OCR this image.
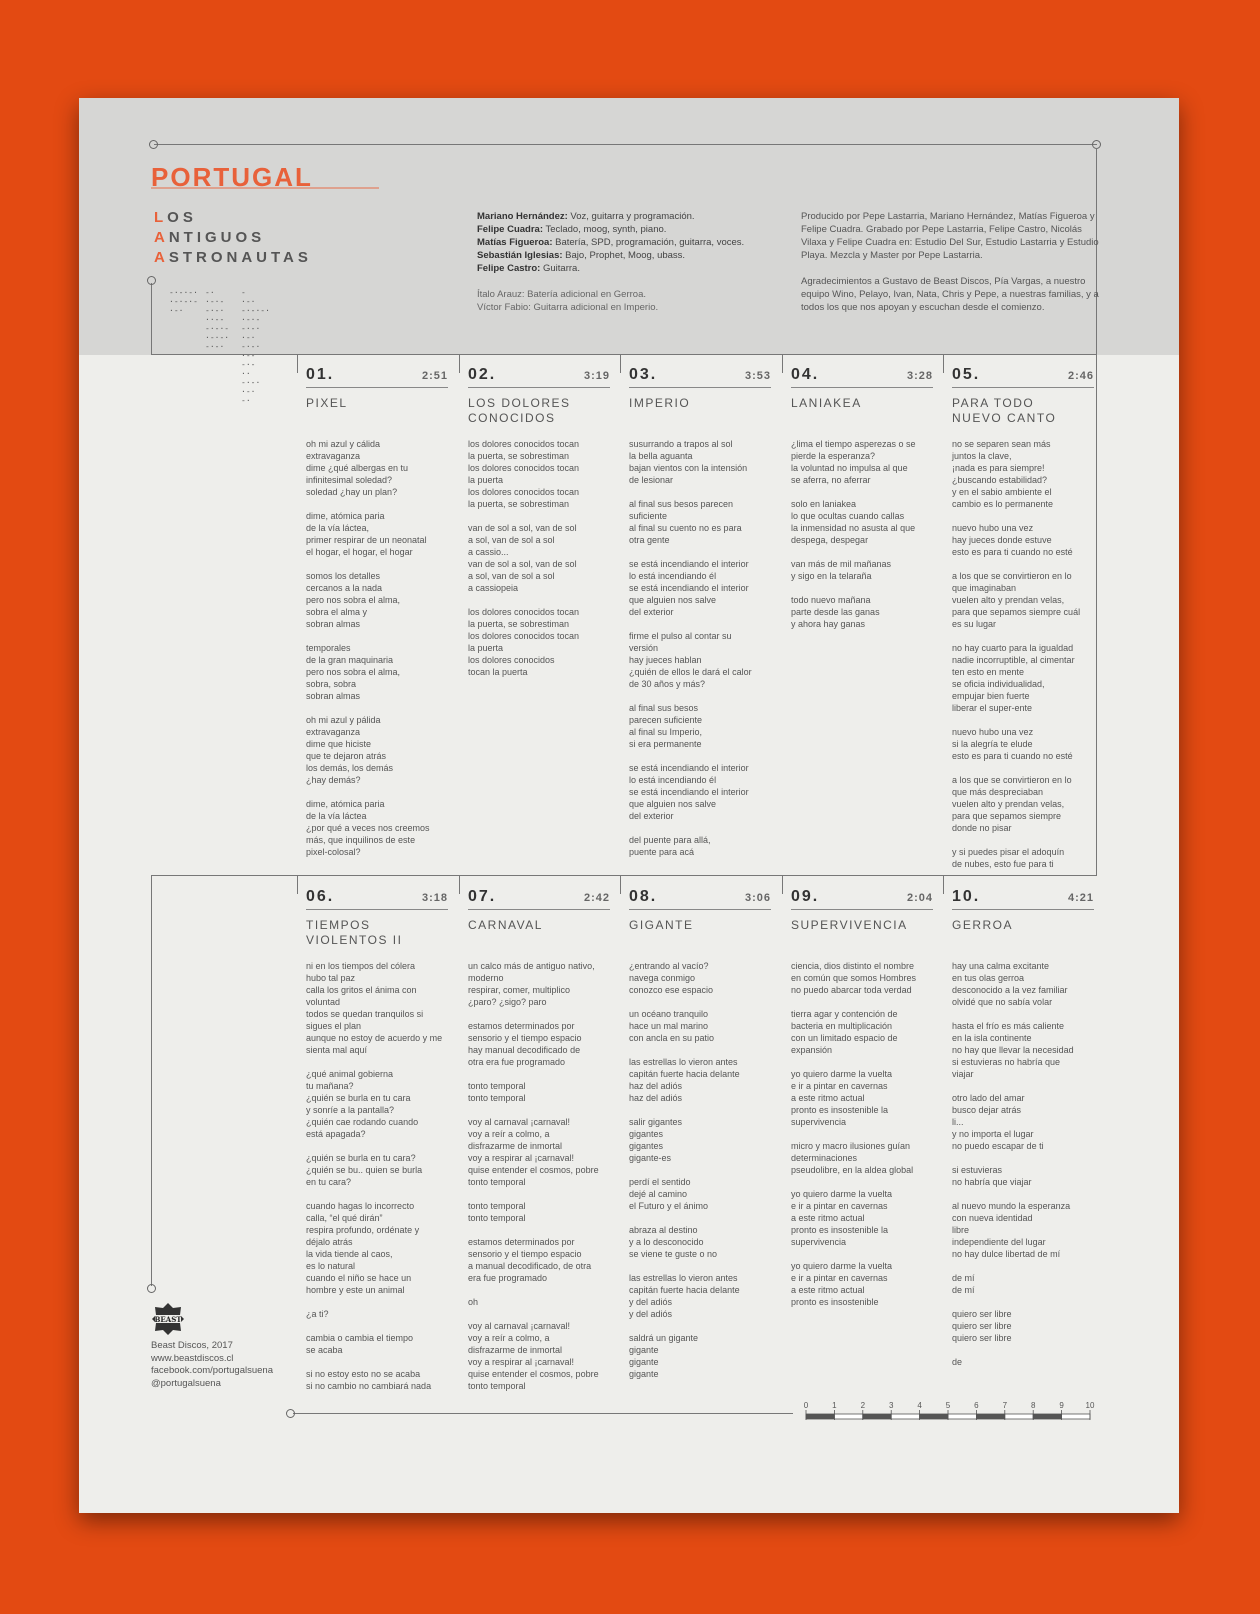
PORTUGAL
LOS
ANTIGUOS
ASTRONAUTAS
-·-·-·
·-·-·-
·-·
-·
·-·-
-·-·
··--
-·-·-
·-·-·
-·-·
-
·-·
-·-·-·
·-·-
-·-·
·-·
-·-·
·--
-·-
··
-·-·
·-·
-·

Mariano Hernández: Voz, guitarra y programación.

Felipe Cuadra: Teclado, moog, synth, piano.

Matías Figueroa: Batería, SPD, programación, guitarra, voces.

Sebastián Iglesias: Bajo, Prophet, Moog, ubass.

Felipe Castro: Guitarra.

Ítalo Arauz: Batería adicional en Gerroa.

Víctor Fabio: Guitarra adicional en Imperio.

Producido por Pepe Lastarria, Mariano Hernández, Matías Figueroa y Felipe Cuadra. Grabado por Pepe Lastarria, Felipe Castro, Nicolás Vilaxa y Felipe Cuadra en: Estudio Del Sur, Estudio Lastarria y Estudio Playa. Mezcla y Master por Pepe Lastarria.

Agradecimientos a Gustavo de Beast Discos, Pía Vargas, a nuestro equipo Wino, Pelayo, Ivan, Nata, Chris y Pepe, a nuestras familias, y a todos los que nos apoyan y escuchan desde el comienzo.

01.	2:51
PIXEL
oh mi azul y cálida
extravaganza
dime ¿qué albergas en tu
infinitesimal soledad?
soledad ¿hay un plan?

dime, atómica paria
de la vía láctea,
primer respirar de un neonatal
el hogar, el hogar, el hogar

somos los detalles
cercanos a la nada
pero nos sobra el alma,
sobra el alma y
sobran almas

temporales
de la gran maquinaria
pero nos sobra el alma,
sobra, sobra
sobran almas

oh mi azul y pálida
extravaganza
dime que hiciste
que te dejaron atrás
los demás, los demás
¿hay demás?

dime, atómica paria
de la vía láctea
¿por qué a veces nos creemos
más, que inquilinos de este
pixel-colosal?
02.	3:19
LOS DOLORES
CONOCIDOS
los dolores conocidos tocan
la puerta, se sobrestiman
los dolores conocidos tocan
la puerta
los dolores conocidos tocan
la puerta, se sobrestiman

van de sol a sol, van de sol
a sol, van de sol a sol
a cassio...
van de sol a sol, van de sol
a sol, van de sol a sol
a cassiopeia

los dolores conocidos tocan
la puerta, se sobrestiman
los dolores conocidos tocan
la puerta
los dolores conocidos
tocan la puerta
03.	3:53
IMPERIO
susurrando a trapos al sol
la bella aguanta
bajan vientos con la intensión
de lesionar

al final sus besos parecen
suficiente
al final su cuento no es para
otra gente

se está incendiando el interior
lo está incendiando él
se está incendiando el interior
que alguien nos salve
del exterior

firme el pulso al contar su
versión
hay jueces hablan
¿quién de ellos le dará el calor
de 30 años y más?

al final sus besos
parecen suficiente
al final su Imperio,
si era permanente

se está incendiando el interior
lo está incendiando él
se está incendiando el interior
que alguien nos salve
del exterior

del puente para allá,
puente para acá
04.	3:28
LANIAKEA
¿lima el tiempo asperezas o se
pierde la esperanza?
la voluntad no impulsa al que
se aferra, no aferrar

solo en laniakea
lo que ocultas cuando callas
la inmensidad no asusta al que
despega, despegar

van más de mil mañanas
y sigo en la telaraña

todo nuevo mañana
parte desde las ganas
y ahora hay ganas
05.	2:46
PARA TODO
NUEVO CANTO
no se separen sean más
juntos la clave,
¡nada es para siempre!
¿buscando estabilidad?
y en el sabio ambiente el
cambio es lo permanente

nuevo hubo una vez
hay jueces donde estuve
esto es para ti cuando no esté

a los que se convirtieron en lo
que imaginaban
vuelen alto y prendan velas,
para que sepamos siempre cuál
es su lugar

no hay cuarto para la igualdad
nadie incorruptible, al cimentar
ten esto en mente
se oficia individualidad,
empujar bien fuerte
liberar el super-ente

nuevo hubo una vez
si la alegría te elude
esto es para ti cuando no esté

a los que se convirtieron en lo
que más despreciaban
vuelen alto y prendan velas,
para que sepamos siempre
donde no pisar

y si puedes pisar el adoquín
de nubes, esto fue para ti
06.	3:18
TIEMPOS
VIOLENTOS II
ni en los tiempos del cólera
hubo tal paz
calla los gritos el ánima con
voluntad
todos se quedan tranquilos si
sigues el plan
aunque no estoy de acuerdo y me
sienta mal aquí

¿qué animal gobierna
tu mañana?
¿quién se burla en tu cara
y sonríe a la pantalla?
¿quién cae rodando cuando
está apagada?

¿quién se burla en tu cara?
¿quién se bu.. quien se burla
en tu cara?

cuando hagas lo incorrecto
calla, “el qué dirán”
respira profundo, ordénate y
déjalo atrás
la vida tiende al caos,
es lo natural
cuando el niño se hace un
hombre y este un animal

¿a ti?

cambia o cambia el tiempo
se acaba

si no estoy esto no se acaba
si no cambio no cambiará nada
07.	2:42
CARNAVAL
un calco más de antiguo nativo,
moderno
respirar, comer, multiplico
¿paro? ¿sigo? paro

estamos determinados por
sensorio y el tiempo espacio
hay manual decodificado de
otra era fue programado

tonto temporal
tonto temporal

voy al carnaval ¡carnaval!
voy a reír a colmo, a
disfrazarme de inmortal
voy a respirar al ¡carnaval!
quise entender el cosmos, pobre
tonto temporal

tonto temporal
tonto temporal

estamos determinados por
sensorio y el tiempo espacio
a manual decodificado, de otra
era fue programado

oh

voy al carnaval ¡carnaval!
voy a reír a colmo, a
disfrazarme de inmortal
voy a respirar al ¡carnaval!
quise entender el cosmos, pobre
tonto temporal
08.	3:06
GIGANTE
¿entrando al vacío?
navega conmigo
conozco ese espacio

un océano tranquilo
hace un mal marino
con ancla en su patio

las estrellas lo vieron antes
capitán fuerte hacia delante
haz del adiós
haz del adiós

salir gigantes
gigantes
gigantes
gigante-es

perdí el sentido
dejé al camino
el Futuro y el ánimo

abraza al destino
y a lo desconocido
se viene te guste o no

las estrellas lo vieron antes
capitán fuerte hacia delante
y del adiós
y del adiós

saldrá un gigante
gigante
gigante
gigante
09.	2:04
SUPERVIVENCIA
ciencia, dios distinto el nombre
en común que somos Hombres
no puedo abarcar toda verdad

tierra agar y contención de
bacteria en multiplicación
con un limitado espacio de
expansión

yo quiero darme la vuelta
e ir a pintar en cavernas
a este ritmo actual
pronto es insostenible la
supervivencia

micro y macro ilusiones guían
determinaciones
pseudolibre, en la aldea global

yo quiero darme la vuelta
e ir a pintar en cavernas
a este ritmo actual
pronto es insostenible la
supervivencia

yo quiero darme la vuelta
e ir a pintar en cavernas
a este ritmo actual
pronto es insostenible
10.	4:21
GERROA
hay una calma excitante
en tus olas gerroa
desconocido a la vez familiar
olvidé que no sabía volar

hasta el frío es más caliente
en la isla continente
no hay que llevar la necesidad
si estuvieras no habría que
viajar

otro lado del amar
busco dejar atrás
li...
y no importa el lugar
no puedo escapar de ti

si estuvieras
no habría que viajar

al nuevo mundo la esperanza
con nueva identidad
libre
independiente del lugar
no hay dulce libertad de mí

de mí
de mí

quiero ser libre
quiero ser libre
quiero ser libre

de
BEAST
Beast Discos, 2017
www.beastdiscos.cl
facebook.com/portugalsuena
@portugalsuena
0	1	2	3	4	5	6	7	8	9	10
